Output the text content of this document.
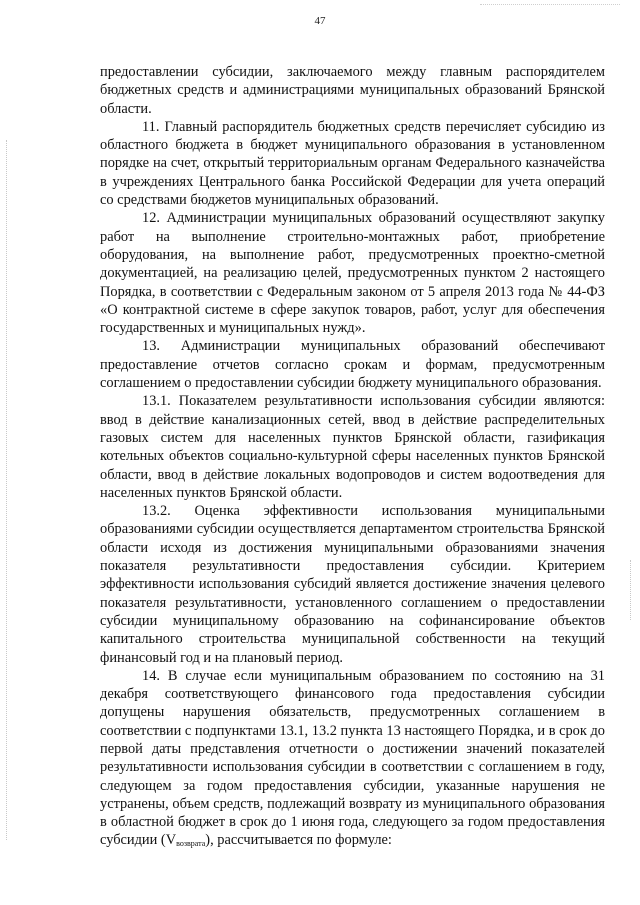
47

предоставлении субсидии, заключаемого между главным распорядителем бюджетных средств и администрациями муниципальных образований Брянской области.

11. Главный распорядитель бюджетных средств перечисляет субсидию из областного бюджета в бюджет муниципального образования в установленном порядке на счет, открытый территориальным органам Федерального казначейства в учреждениях Центрального банка Российской Федерации для учета операций со средствами бюджетов муниципальных образований.

12. Администрации муниципальных образований осуществляют закупку работ на выполнение строительно-монтажных работ, приобретение оборудования, на выполнение работ, предусмотренных проектно-сметной документацией, на реализацию целей, предусмотренных пунктом 2 настоящего Порядка, в соответствии с Федеральным законом от 5 апреля 2013 года № 44-ФЗ «О контрактной системе в сфере закупок товаров, работ, услуг для обеспечения государственных и муниципальных нужд».

13. Администрации муниципальных образований обеспечивают предоставление отчетов согласно срокам и формам, предусмотренным соглашением о предоставлении субсидии бюджету муниципального образования.

13.1. Показателем результативности использования субсидии являются: ввод в действие канализационных сетей, ввод в действие распределительных газовых систем для населенных пунктов Брянской области, газификация котельных объектов социально-культурной сферы населенных пунктов Брянской области, ввод в действие локальных водопроводов и систем водоотведения для населенных пунктов Брянской области.

13.2. Оценка эффективности использования муниципальными образованиями субсидии осуществляется департаментом строительства Брянской области исходя из достижения муниципальными образованиями значения показателя результативности предоставления субсидии. Критерием эффективности использования субсидий является достижение значения целевого показателя результативности, установленного соглашением о предоставлении субсидии муниципальному образованию на софинансирование объектов капитального строительства муниципальной собственности на текущий финансовый год и на плановый период.

14. В случае если муниципальным образованием по состоянию на 31 декабря соответствующего финансового года предоставления субсидии допущены нарушения обязательств, предусмотренных соглашением в соответствии с подпунктами 13.1, 13.2 пункта 13 настоящего Порядка, и в срок до первой даты представления отчетности о достижении значений показателей результативности использования субсидии в соответствии с соглашением в году, следующем за годом предоставления субсидии, указанные нарушения не устранены, объем средств, подлежащий возврату из муниципального образования в областной бюджет в срок до 1 июня года, следующего за годом предоставления субсидии $(V_{возврата})$, рассчитывается по формуле:
